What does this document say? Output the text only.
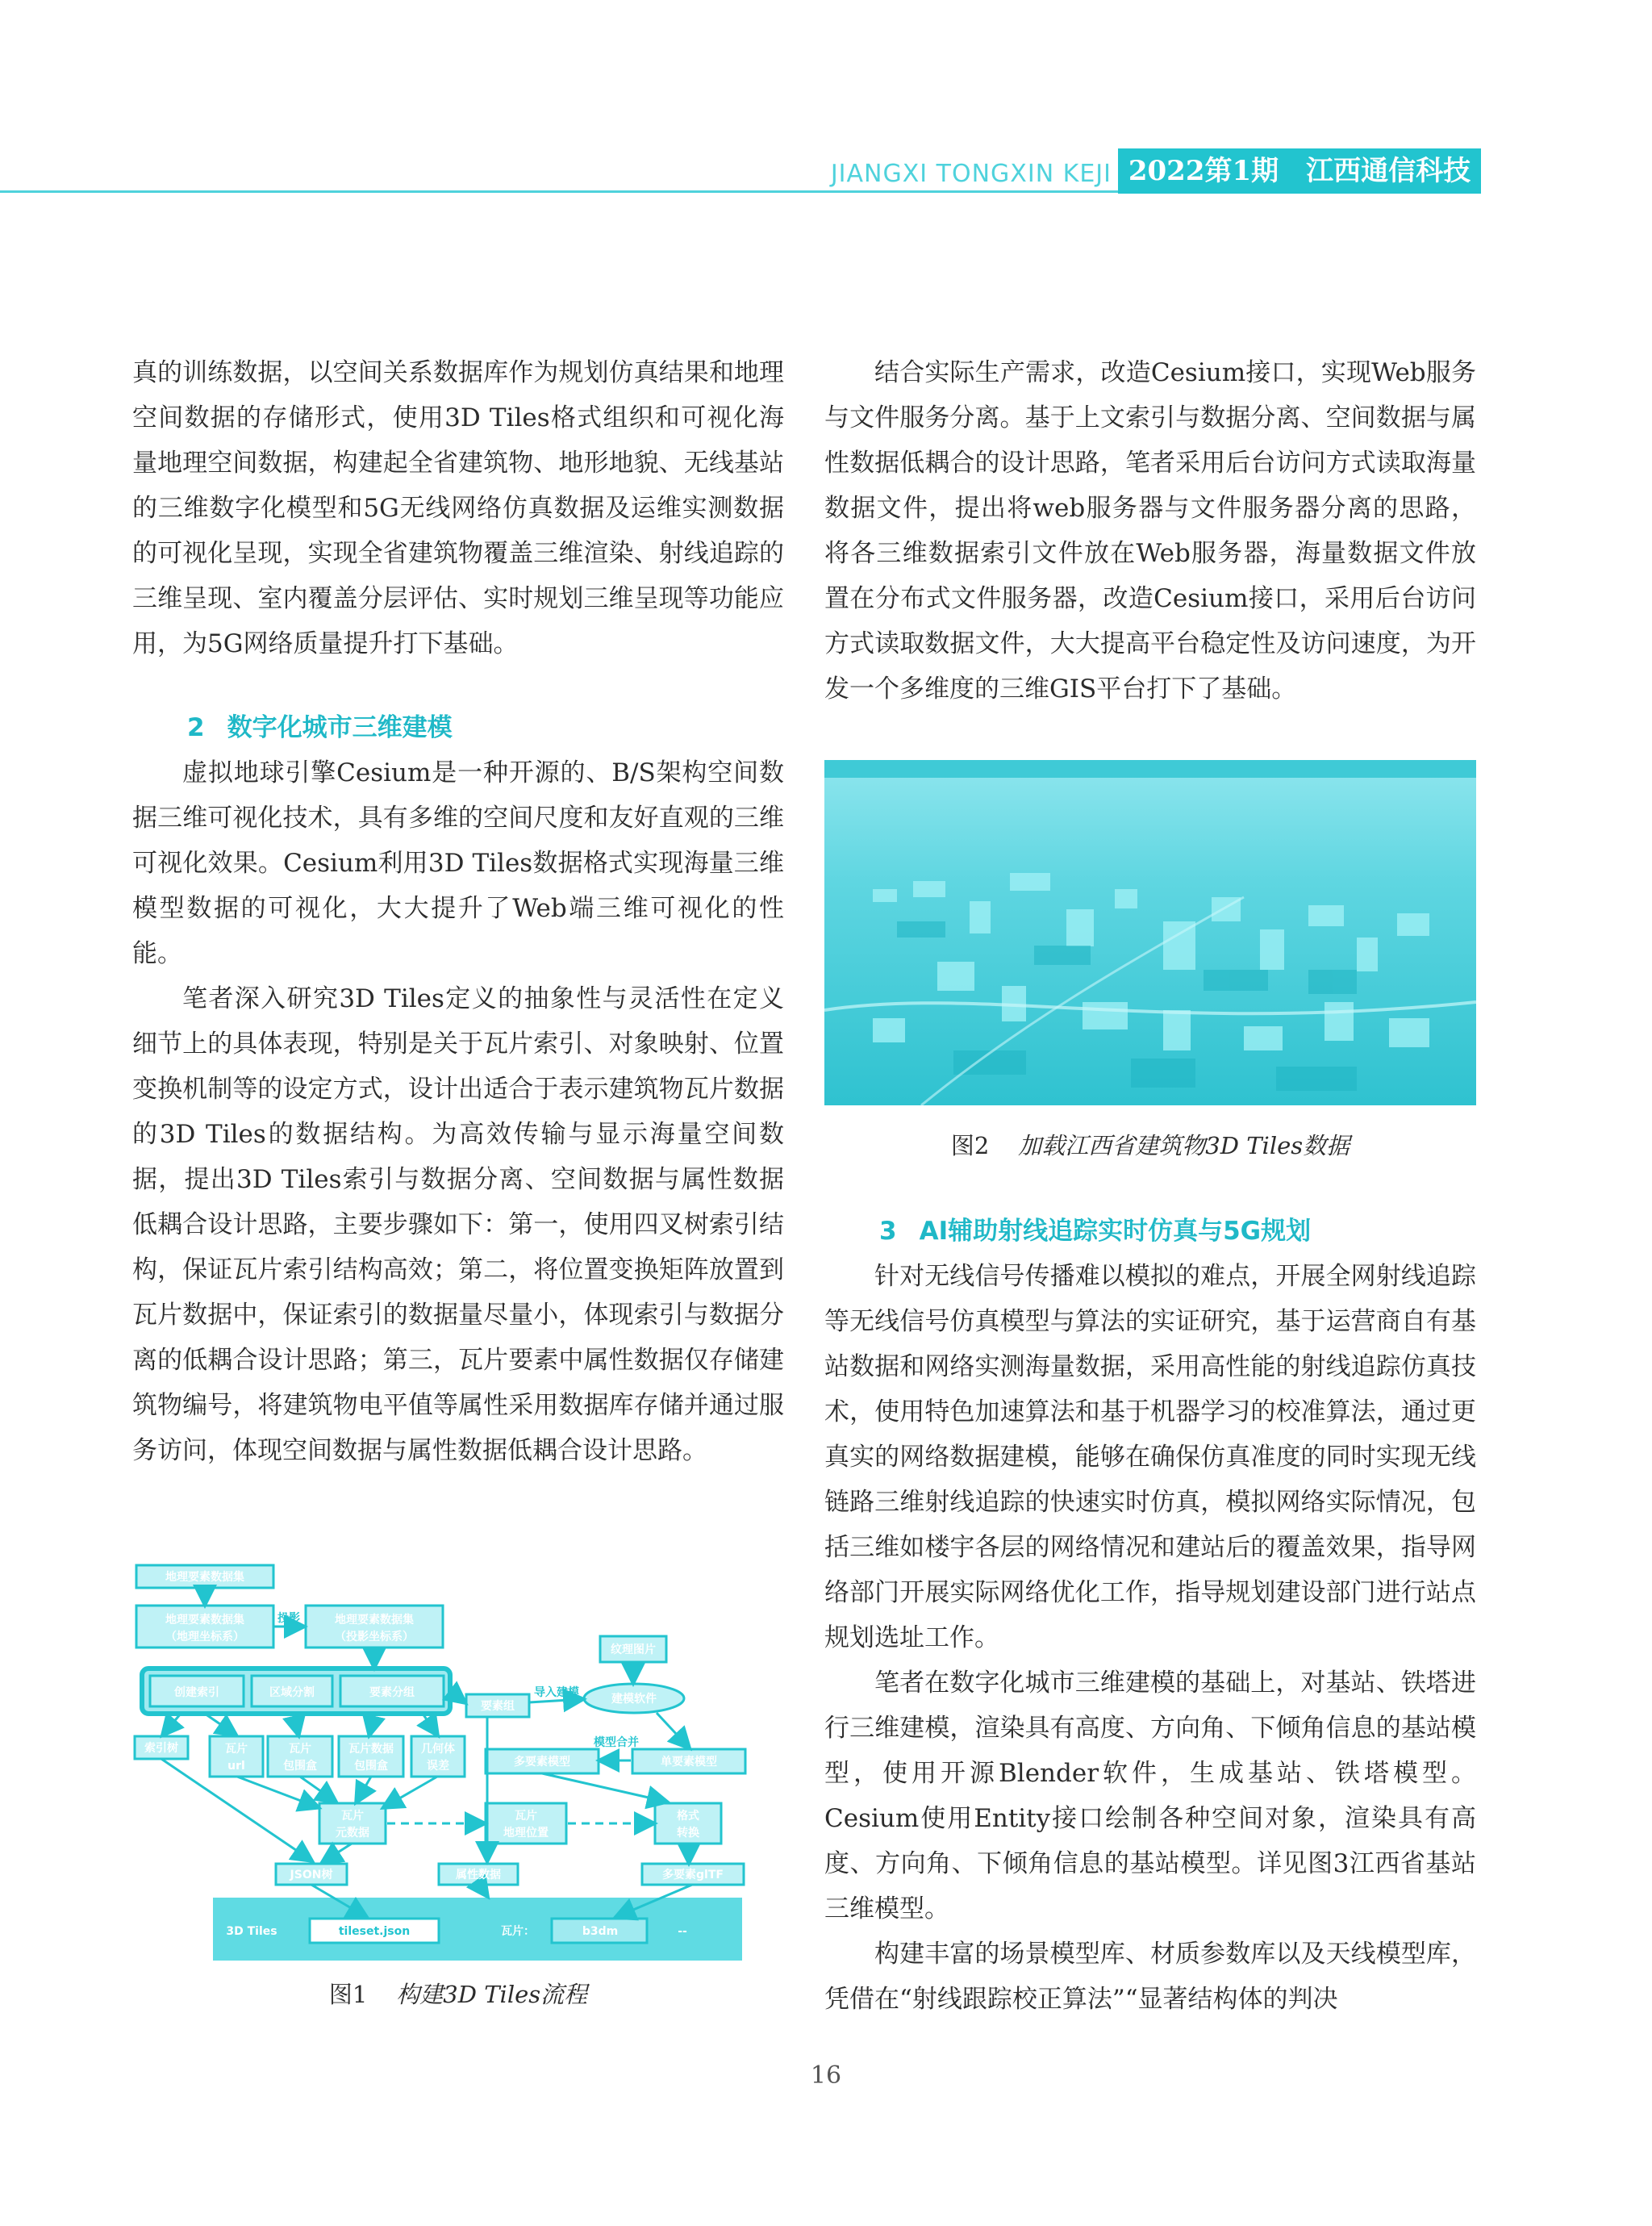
JIANGXI TONGXIN KEJI 2022第1期　江西通信科技

真的训练数据，以空间关系数据库作为规划仿真结果和地理空间数据的存储形式，使用3D Tiles格式组织和可视化海量地理空间数据，构建起全省建筑物、地形地貌、无线基站的三维数字化模型和5G无线网络仿真数据及运维实测数据的可视化呈现，实现全省建筑物覆盖三维渲染、射线追踪的三维呈现、室内覆盖分层评估、实时规划三维呈现等功能应用，为5G网络质量提升打下基础。

2 数字化城市三维建模

虚拟地球引擎Cesium是一种开源的、B/S架构空间数据三维可视化技术，具有多维的空间尺度和友好直观的三维可视化效果。Cesium利用3D Tiles数据格式实现海量三维模型数据的可视化，大大提升了Web端三维可视化的性能。

笔者深入研究3D Tiles定义的抽象性与灵活性在定义细节上的具体表现，特别是关于瓦片索引、对象映射、位置变换机制等的设定方式，设计出适合于表示建筑物瓦片数据的3D Tiles的数据结构。为高效传输与显示海量空间数据，提出3D Tiles索引与数据分离、空间数据与属性数据低耦合设计思路，主要步骤如下：第一，使用四叉树索引结构，保证瓦片索引结构高效；第二，将位置变换矩阵放置到瓦片数据中，保证索引的数据量尽量小，体现索引与数据分离的低耦合设计思路；第三，瓦片要素中属性数据仅存储建筑物编号，将建筑物电平值等属性采用数据库存储并通过服务访问，体现空间数据与属性数据低耦合设计思路。

地理要素数据集
地理要素数据集
（地理坐标系）
地理要素数据集
（投影坐标系）
创建索引	区域分割	要素分组
要素组
纹理图片
建模软件
多要素模型	单要素模型
索引树	瓦片
url
瓦片
包围盒
瓦片数据
包围盒
几何体
误差
瓦片
元数据
瓦片
地理位置
格式
转换
JSON树	属性数据	多要素glTF
3D Tiles	b3dm	--
瓦片：
投影
导入建模
模型合并
tileset.json
图1 构建3D Tiles流程

结合实际生产需求，改造Cesium接口，实现Web服务与文件服务分离。基于上文索引与数据分离、空间数据与属性数据低耦合的设计思路，笔者采用后台访问方式读取海量数据文件，提出将web服务器与文件服务器分离的思路，将各三维数据索引文件放在Web服务器，海量数据文件放置在分布式文件服务器，改造Cesium接口，采用后台访问方式读取数据文件，大大提高平台稳定性及访问速度，为开发一个多维度的三维GIS平台打下了基础。

图2 加载江西省建筑物3D Tiles数据

3 AI辅助射线追踪实时仿真与5G规划

针对无线信号传播难以模拟的难点，开展全网射线追踪等无线信号仿真模型与算法的实证研究，基于运营商自有基站数据和网络实测海量数据，采用高性能的射线追踪仿真技术，使用特色加速算法和基于机器学习的校准算法，通过更真实的网络数据建模，能够在确保仿真准度的同时实现无线链路三维射线追踪的快速实时仿真，模拟网络实际情况，包括三维如楼宇各层的网络情况和建站后的覆盖效果，指导网络部门开展实际网络优化工作，指导规划建设部门进行站点规划选址工作。

笔者在数字化城市三维建模的基础上，对基站、铁塔进行三维建模，渲染具有高度、方向角、下倾角信息的基站模型，使用开源Blender软件，生成基站、铁塔模型。Cesium使用Entity接口绘制各种空间对象，渲染具有高度、方向角、下倾角信息的基站模型。详见图3江西省基站三维模型。

构建丰富的场景模型库、材质参数库以及天线模型库，凭借在“射线跟踪校正算法”“显著结构体的判决

16
